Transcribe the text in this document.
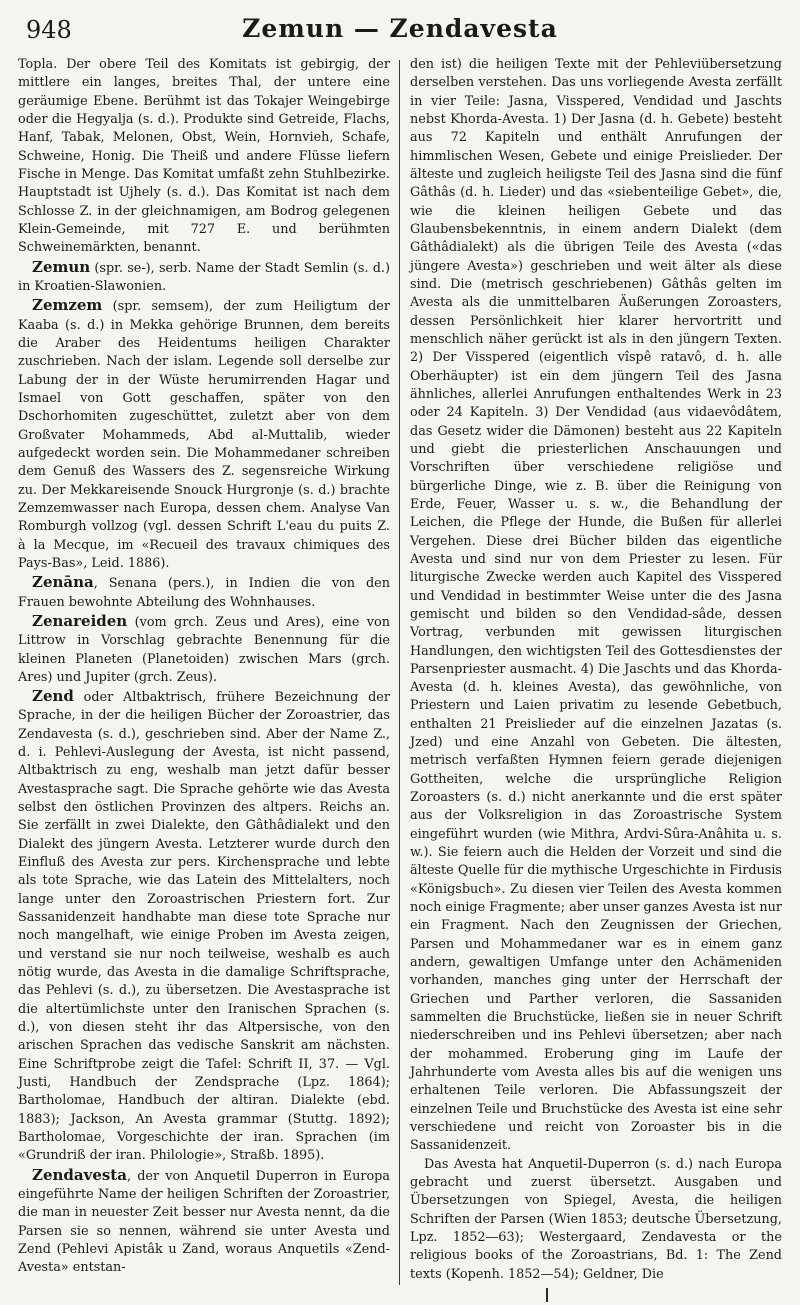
948	Zemun — Zendavesta

Topla. Der obere Teil des Komitats ist gebirgig, der mittlere ein langes, breites Thal, der untere eine geräumige Ebene. Berühmt ist das Tokajer Weingebirge oder die Hegyalja (s. d.). Produkte sind Getreide, Flachs, Hanf, Tabak, Melonen, Obst, Wein, Hornvieh, Schafe, Schweine, Honig. Die Theiß und andere Flüsse liefern Fische in Menge. Das Komitat umfaßt zehn Stuhlbezirke. Hauptstadt ist Ujhely (s. d.). Das Komitat ist nach dem Schlosse Z. in der gleichnamigen, am Bodrog gelegenen Klein-Gemeinde, mit 727 E. und berühmten Schweinemärkten, benannt.

Zemun (spr. se-), serb. Name der Stadt Semlin (s. d.) in Kroatien-Slawonien.

Zemzem (spr. semsem), der zum Heiligtum der Kaaba (s. d.) in Mekka gehörige Brunnen, dem bereits die Araber des Heidentums heiligen Charakter zuschrieben. Nach der islam. Legende soll derselbe zur Labung der in der Wüste herumirrenden Hagar und Ismael von Gott geschaffen, später von den Dschorhomiten zugeschüttet, zuletzt aber von dem Großvater Mohammeds, Abd al-Muttalib, wieder aufgedeckt worden sein. Die Mohammedaner schreiben dem Genuß des Wassers des Z. segensreiche Wirkung zu. Der Mekkareisende Snouck Hurgronje (s. d.) brachte Zemzemwasser nach Europa, dessen chem. Analyse Van Romburgh vollzog (vgl. dessen Schrift L'eau du puits Z. à la Mecque, im «Recueil des travaux chimiques des Pays-Bas», Leid. 1886).

Zenāna, Senana (pers.), in Indien die von den Frauen bewohnte Abteilung des Wohnhauses.

Zenareiden (vom grch. Zeus und Ares), eine von Littrow in Vorschlag gebrachte Benennung für die kleinen Planeten (Planetoiden) zwischen Mars (grch. Ares) und Jupiter (grch. Zeus).

Zend oder Altbaktrisch, frühere Bezeichnung der Sprache, in der die heiligen Bücher der Zoroastrier, das Zendavesta (s. d.), geschrieben sind. Aber der Name Z., d. i. Pehlevi-Auslegung der Avesta, ist nicht passend, Altbaktrisch zu eng, weshalb man jetzt dafür besser Avestasprache sagt. Die Sprache gehörte wie das Avesta selbst den östlichen Provinzen des altpers. Reichs an. Sie zerfällt in zwei Dialekte, den Gâthâdialekt und den Dialekt des jüngern Avesta. Letzterer wurde durch den Einfluß des Avesta zur pers. Kirchensprache und lebte als tote Sprache, wie das Latein des Mittelalters, noch lange unter den Zoroastrischen Priestern fort. Zur Sassanidenzeit handhabte man diese tote Sprache nur noch mangelhaft, wie einige Proben im Avesta zeigen, und verstand sie nur noch teilweise, weshalb es auch nötig wurde, das Avesta in die damalige Schriftsprache, das Pehlevi (s. d.), zu übersetzen. Die Avestasprache ist die altertümlichste unter den Iranischen Sprachen (s. d.), von diesen steht ihr das Altpersische, von den arischen Sprachen das vedische Sanskrit am nächsten. Eine Schriftprobe zeigt die Tafel: Schrift II, 37. — Vgl. Justi, Handbuch der Zendsprache (Lpz. 1864); Bartholomae, Handbuch der altiran. Dialekte (ebd. 1883); Jackson, An Avesta grammar (Stuttg. 1892); Bartholomae, Vorgeschichte der iran. Sprachen (im «Grundriß der iran. Philologie», Straßb. 1895).

Zendavesta, der von Anquetil Duperron in Europa eingeführte Name der heiligen Schriften der Zoroastrier, die man in neuester Zeit besser nur Avesta nennt, da die Parsen sie so nennen, während sie unter Avesta und Zend (Pehlevi Apistâk u Zand, woraus Anquetils «Zend-Avesta» entstan-

den ist) die heiligen Texte mit der Pehleviübersetzung derselben verstehen. Das uns vorliegende Avesta zerfällt in vier Teile: Jasna, Visspered, Vendidad und Jaschts nebst Khorda-Avesta. 1) Der Jasna (d. h. Gebete) besteht aus 72 Kapiteln und enthält Anrufungen der himmlischen Wesen, Gebete und einige Preislieder. Der älteste und zugleich heiligste Teil des Jasna sind die fünf Gâthâs (d. h. Lieder) und das «siebenteilige Gebet», die, wie die kleinen heiligen Gebete und das Glaubensbekenntnis, in einem andern Dialekt (dem Gâthâdialekt) als die übrigen Teile des Avesta («das jüngere Avesta») geschrieben und weit älter als diese sind. Die (metrisch geschriebenen) Gâthâs gelten im Avesta als die unmittelbaren Äußerungen Zoroasters, dessen Persönlichkeit hier klarer hervortritt und menschlich näher gerückt ist als in den jüngern Texten. 2) Der Visspered (eigentlich vîspê ratavô, d. h. alle Oberhäupter) ist ein dem jüngern Teil des Jasna ähnliches, allerlei Anrufungen enthaltendes Werk in 23 oder 24 Kapiteln. 3) Der Vendidad (aus vidaevôdâtem, das Gesetz wider die Dämonen) besteht aus 22 Kapiteln und giebt die priesterlichen Anschauungen und Vorschriften über verschiedene religiöse und bürgerliche Dinge, wie z. B. über die Reinigung von Erde, Feuer, Wasser u. s. w., die Behandlung der Leichen, die Pflege der Hunde, die Bußen für allerlei Vergehen. Diese drei Bücher bilden das eigentliche Avesta und sind nur von dem Priester zu lesen. Für liturgische Zwecke werden auch Kapitel des Visspered und Vendidad in bestimmter Weise unter die des Jasna gemischt und bilden so den Vendidad-sâde, dessen Vortrag, verbunden mit gewissen liturgischen Handlungen, den wichtigsten Teil des Gottesdienstes der Parsenpriester ausmacht. 4) Die Jaschts und das Khorda-Avesta (d. h. kleines Avesta), das gewöhnliche, von Priestern und Laien privatim zu lesende Gebetbuch, enthalten 21 Preislieder auf die einzelnen Jazatas (s. Jzed) und eine Anzahl von Gebeten. Die ältesten, metrisch verfaßten Hymnen feiern gerade diejenigen Gottheiten, welche die ursprüngliche Religion Zoroasters (s. d.) nicht anerkannte und die erst später aus der Volksreligion in das Zoroastrische System eingeführt wurden (wie Mithra, Ardvi-Sûra-Anâhita u. s. w.). Sie feiern auch die Helden der Vorzeit und sind die älteste Quelle für die mythische Urgeschichte in Firdusis «Königsbuch». Zu diesen vier Teilen des Avesta kommen noch einige Fragmente; aber unser ganzes Avesta ist nur ein Fragment. Nach den Zeugnissen der Griechen, Parsen und Mohammedaner war es in einem ganz andern, gewaltigen Umfange unter den Achämeniden vorhanden, manches ging unter der Herrschaft der Griechen und Parther verloren, die Sassaniden sammelten die Bruchstücke, ließen sie in neuer Schrift niederschreiben und ins Pehlevi übersetzen; aber nach der mohammed. Eroberung ging im Laufe der Jahrhunderte vom Avesta alles bis auf die wenigen uns erhaltenen Teile verloren. Die Abfassungszeit der einzelnen Teile und Bruchstücke des Avesta ist eine sehr verschiedene und reicht von Zoroaster bis in die Sassanidenzeit.

Das Avesta hat Anquetil-Duperron (s. d.) nach Europa gebracht und zuerst übersetzt. Ausgaben und Übersetzungen von Spiegel, Avesta, die heiligen Schriften der Parsen (Wien 1853; deutsche Übersetzung, Lpz. 1852—63); Westergaard, Zendavesta or the religious books of the Zoroastrians, Bd. 1: The Zend texts (Kopenh. 1852—54); Geldner, Die
